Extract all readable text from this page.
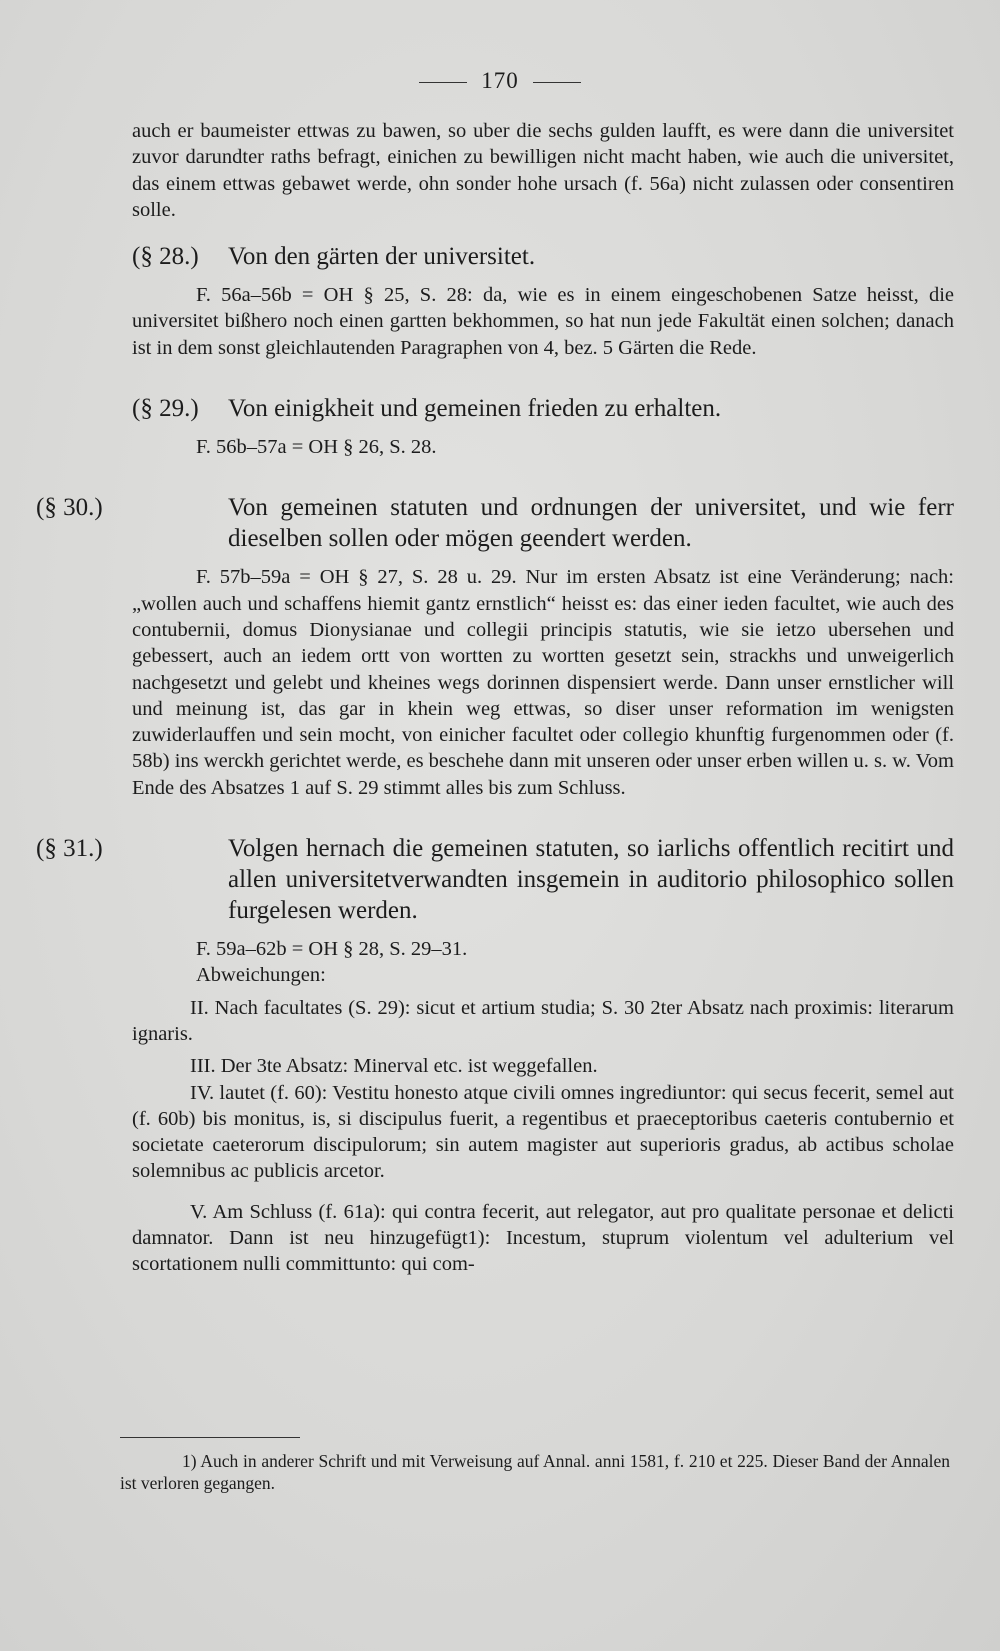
170

auch er baumeister ettwas zu bawen, so uber die sechs gulden laufft, es were dann die universitet zuvor darundter raths befragt, einichen zu bewilligen nicht macht haben, wie auch die universitet, das einem ettwas gebawet werde, ohn sonder hohe ursach (f. 56a) nicht zulassen oder consentiren solle.

(§ 28.) Von den gärten der universitet.

F. 56a–56b = OH § 25, S. 28: da, wie es in einem eingeschobenen Satze heisst, die universitet bißhero noch einen gartten bekhommen, so hat nun jede Fakultät einen solchen; danach ist in dem sonst gleichlautenden Paragraphen von 4, bez. 5 Gärten die Rede.

(§ 29.) Von einigkheit und gemeinen frieden zu erhalten.

F. 56b–57a = OH § 26, S. 28.

(§ 30.)	Von gemeinen statuten und ordnungen der universitet, und wie ferr dieselben sollen oder mögen geendert werden.

F. 57b–59a = OH § 27, S. 28 u. 29. Nur im ersten Absatz ist eine Veränderung; nach: „wollen auch und schaffens hiemit gantz ernstlich“ heisst es: das einer ieden facultet, wie auch des contubernii, domus Dionysianae und collegii principis statutis, wie sie ietzo ubersehen und gebessert, auch an iedem ortt von wortten zu wortten gesetzt sein, strackhs und unweigerlich nachgesetzt und gelebt und kheines wegs dorinnen dispensiert werde. Dann unser ernstlicher will und meinung ist, das gar in khein weg ettwas, so diser unser reformation im wenigsten zuwiderlauffen und sein mocht, von einicher facultet oder collegio khunftig furgenommen oder (f. 58b) ins werckh gerichtet werde, es beschehe dann mit unseren oder unser erben willen u. s. w. Vom Ende des Absatzes 1 auf S. 29 stimmt alles bis zum Schluss.

(§ 31.)	Volgen hernach die gemeinen statuten, so iarlichs offentlich recitirt und allen universitetverwandten insgemein in auditorio philosophico sollen furgelesen werden.

F. 59a–62b = OH § 28, S. 29–31.

Abweichungen:

II. Nach facultates (S. 29): sicut et artium studia; S. 30 2ter Absatz nach proximis: literarum ignaris.

III. Der 3te Absatz: Minerval etc. ist weggefallen.

IV. lautet (f. 60): Vestitu honesto atque civili omnes ingrediuntor: qui secus fecerit, semel aut (f. 60b) bis monitus, is, si discipulus fuerit, a regentibus et praeceptoribus caeteris contubernio et societate caeterorum discipulorum; sin autem magister aut superioris gradus, ab actibus scholae solemnibus ac publicis arcetor.

V. Am Schluss (f. 61a): qui contra fecerit, aut relegator, aut pro qualitate personae et delicti damnator. Dann ist neu hinzugefügt1): Incestum, stuprum violentum vel adulterium vel scortationem nulli committunto: qui com-

1) Auch in anderer Schrift und mit Verweisung auf Annal. anni 1581, f. 210 et 225. Dieser Band der Annalen ist verloren gegangen.
